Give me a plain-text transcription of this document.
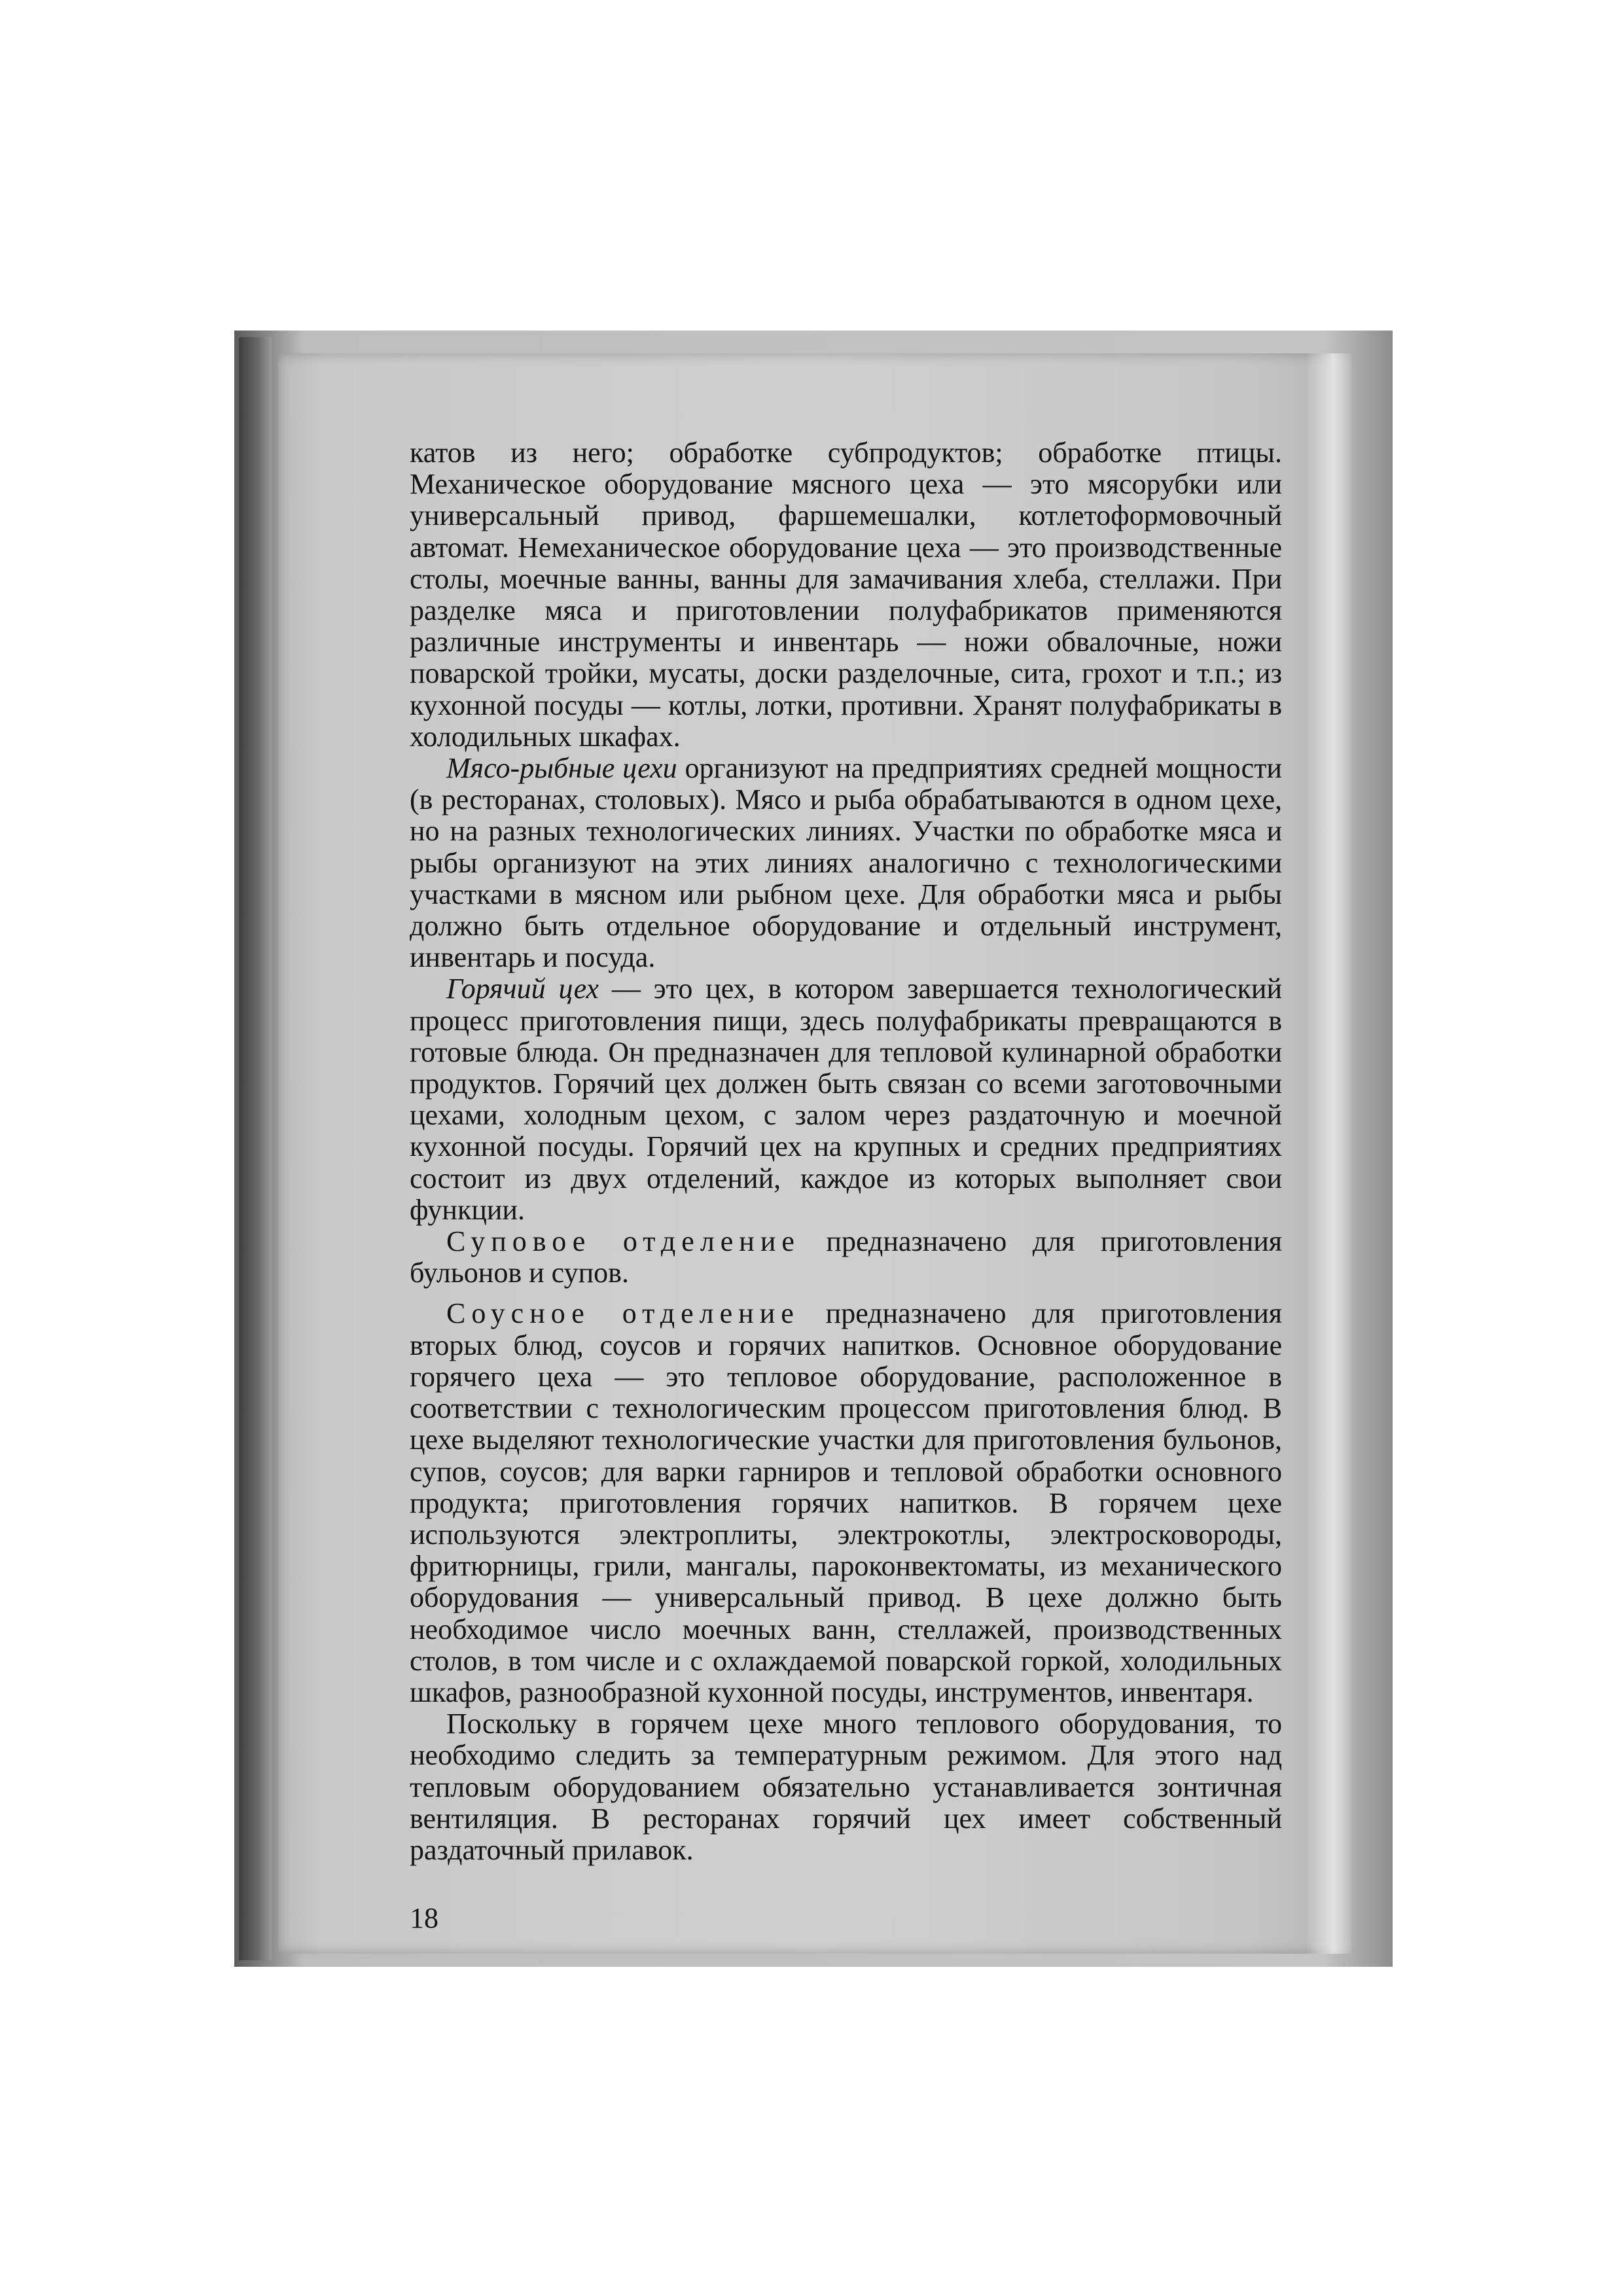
катов из него; обработке субпродуктов; обработке птицы. Механическое оборудование мясного цеха — это мясорубки или универсальный привод, фаршемешалки, котлетоформовочный автомат. Немеханическое оборудование цеха — это производственные столы, моечные ванны, ванны для замачивания хлеба, стеллажи. При разделке мяса и приготовлении полуфабрикатов применяются различные инструменты и инвентарь — ножи обвалочные, ножи поварской тройки, мусаты, доски разделочные, сита, грохот и т.п.; из кухонной посуды — котлы, лотки, противни. Хранят полуфабрикаты в холодильных шкафах.

Мясо-рыбные цехи организуют на предприятиях средней мощности (в ресторанах, столовых). Мясо и рыба обрабатываются в одном цехе, но на разных технологических линиях. Участки по обработке мяса и рыбы организуют на этих линиях аналогично с технологическими участками в мясном или рыбном цехе. Для обработки мяса и рыбы должно быть отдельное оборудование и отдельный инструмент, инвентарь и посуда.

Горячий цех — это цех, в котором завершается технологический процесс приготовления пищи, здесь полуфабрикаты превращаются в готовые блюда. Он предназначен для тепловой кулинарной обработки продуктов. Горячий цех должен быть связан со всеми заготовочными цехами, холодным цехом, с залом через раздаточную и моечной кухонной посуды. Горячий цех на крупных и средних предприятиях состоит из двух отделений, каждое из которых выполняет свои функции.

Суповое отделение предназначено для приготовления бульонов и супов.

Соусное отделение предназначено для приготовления вторых блюд, соусов и горячих напитков. Основное оборудование горячего цеха — это тепловое оборудование, расположенное в соответствии с технологическим процессом приготовления блюд. В цехе выделяют технологические участки для приготовления бульонов, супов, соусов; для варки гарниров и тепловой обработки основного продукта; приготовления горячих напитков. В горячем цехе используются электроплиты, электрокотлы, электросковороды, фритюрницы, грили, мангалы, пароконвектоматы, из механического оборудования — универсальный привод. В цехе должно быть необходимое число моечных ванн, стеллажей, производственных столов, в том числе и с охлаждаемой поварской горкой, холодильных шкафов, разнообразной кухонной посуды, инструментов, инвентаря.

Поскольку в горячем цехе много теплового оборудования, то необходимо следить за температурным режимом. Для этого над тепловым оборудованием обязательно устанавливается зонтичная вентиляция. В ресторанах горячий цех имеет собственный раздаточный прилавок.

18
